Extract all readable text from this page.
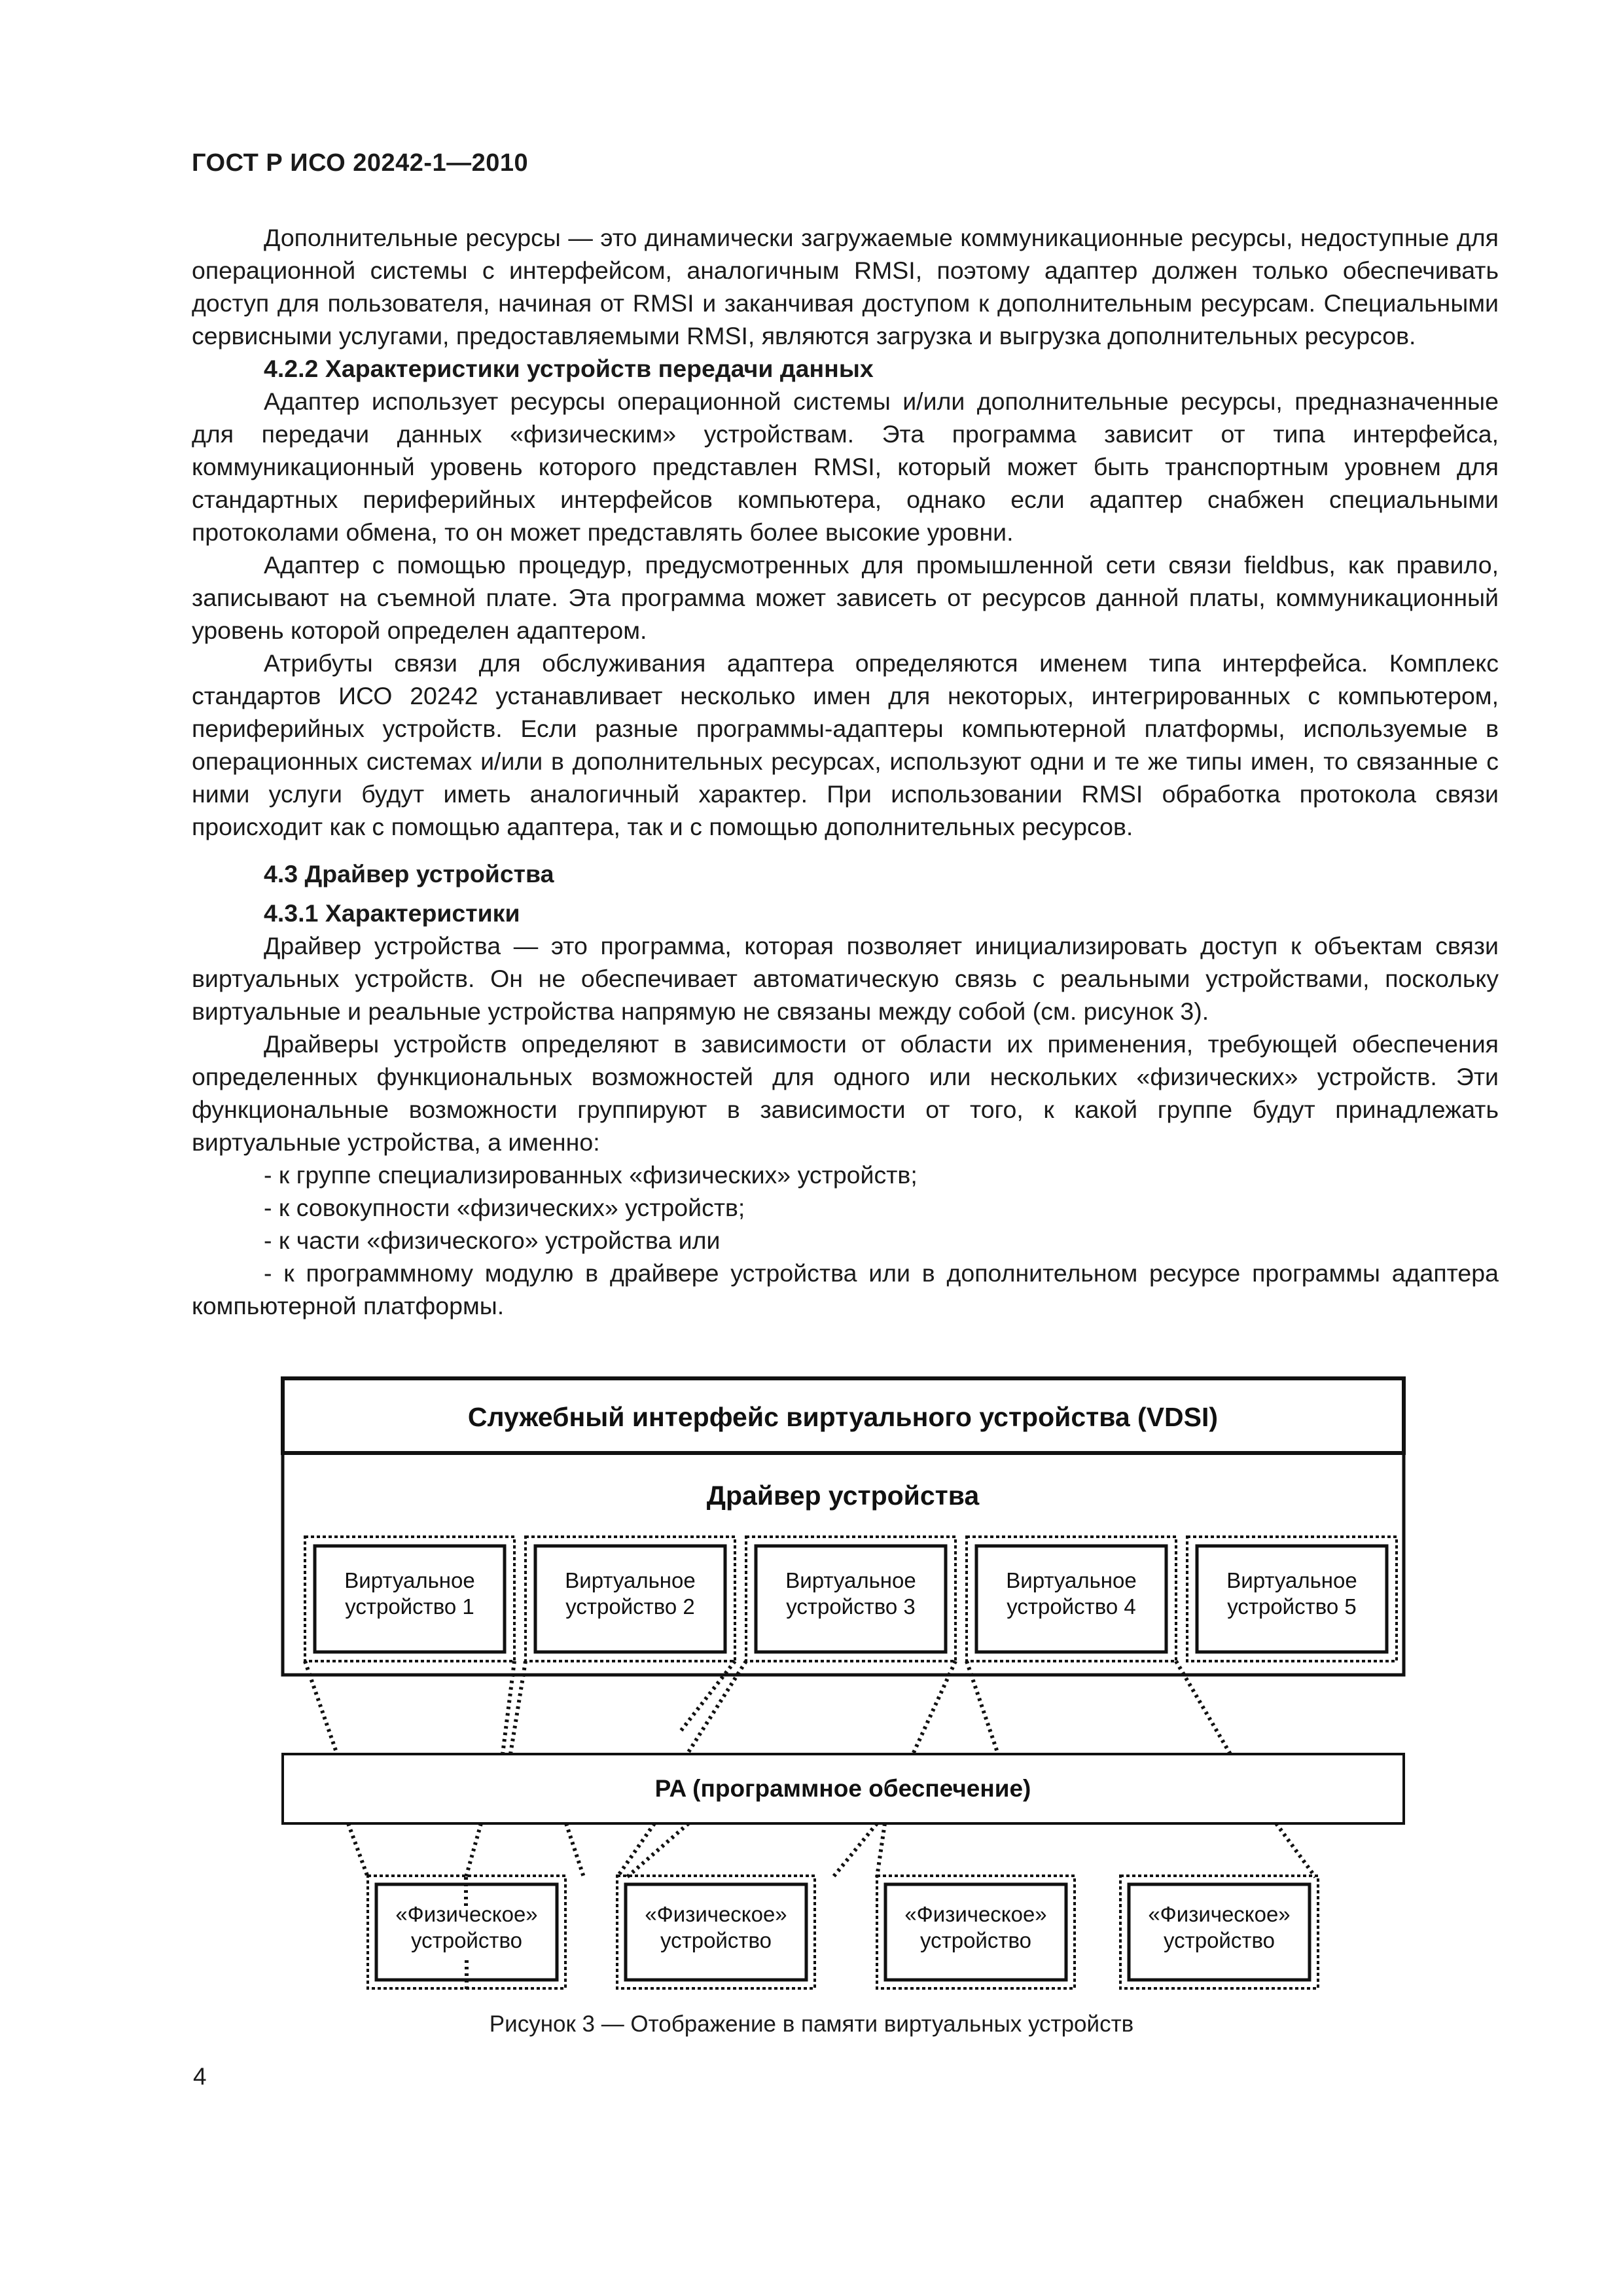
ГОСТ Р ИСО 20242-1—2010

Дополнительные ресурсы — это динамически загружаемые коммуникационные ресурсы, недоступные для операционной системы с интерфейсом, аналогичным RMSI, поэтому адаптер должен только обеспечивать доступ для пользователя, начиная от RMSI и заканчивая доступом к дополнительным ресурсам. Специальными сервисными услугами, предоставляемыми RMSI, являются загрузка и выгрузка дополнительных ресурсов.

4.2.2 Характеристики устройств передачи данных

Адаптер использует ресурсы операционной системы и/или дополнительные ресурсы, предназначенные для передачи данных «физическим» устройствам. Эта программа зависит от типа интерфейса, коммуникационный уровень которого представлен RMSI, который может быть транспортным уровнем для стандартных периферийных интерфейсов компьютера, однако если адаптер снабжен специальными протоколами обмена, то он может представлять более высокие уровни.

Адаптер с помощью процедур, предусмотренных для промышленной сети связи fieldbus, как правило, записывают на съемной плате. Эта программа может зависеть от ресурсов данной платы, коммуникационный уровень которой определен адаптером.

Атрибуты связи для обслуживания адаптера определяются именем типа интерфейса. Комплекс стандартов ИСО 20242 устанавливает несколько имен для некоторых, интегрированных с компьютером, периферийных устройств. Если разные программы-адаптеры компьютерной платформы, используемые в операционных системах и/или в дополнительных ресурсах, используют одни и те же типы имен, то связанные с ними услуги будут иметь аналогичный характер. При использовании RMSI обработка протокола связи происходит как с помощью адаптера, так и с помощью дополнительных ресурсов.

4.3 Драйвер устройства

4.3.1 Характеристики

Драйвер устройства — это программа, которая позволяет инициализировать доступ к объектам связи виртуальных устройств. Он не обеспечивает автоматическую связь с реальными устройствами, поскольку виртуальные и реальные устройства напрямую не связаны между собой (см. рисунок 3).

Драйверы устройств определяют в зависимости от области их применения, требующей обеспечения определенных функциональных возможностей для одного или нескольких «физических» устройств. Эти функциональные возможности группируют в зависимости от того, к какой группе будут принадлежать виртуальные устройства, а именно:

- к группе специализированных «физических» устройств;

- к совокупности «физических» устройств;

- к части «физического» устройства или

- к программному модулю в драйвере устройства или в дополнительном ресурсе программы адаптера компьютерной платформы.

Служебный интерфейс виртуального устройства (VDSI)
Драйвер устройства
Виртуальное
устройство 1
Виртуальное
устройство 2
Виртуальное
устройство 3
Виртуальное
устройство 4
Виртуальное
устройство 5
PA (программное обеспечение)
«Физическое»
устройство
«Физическое»
устройство
«Физическое»
устройство
«Физическое»
устройство
Рисунок 3 — Отображение в памяти виртуальных устройств
4
